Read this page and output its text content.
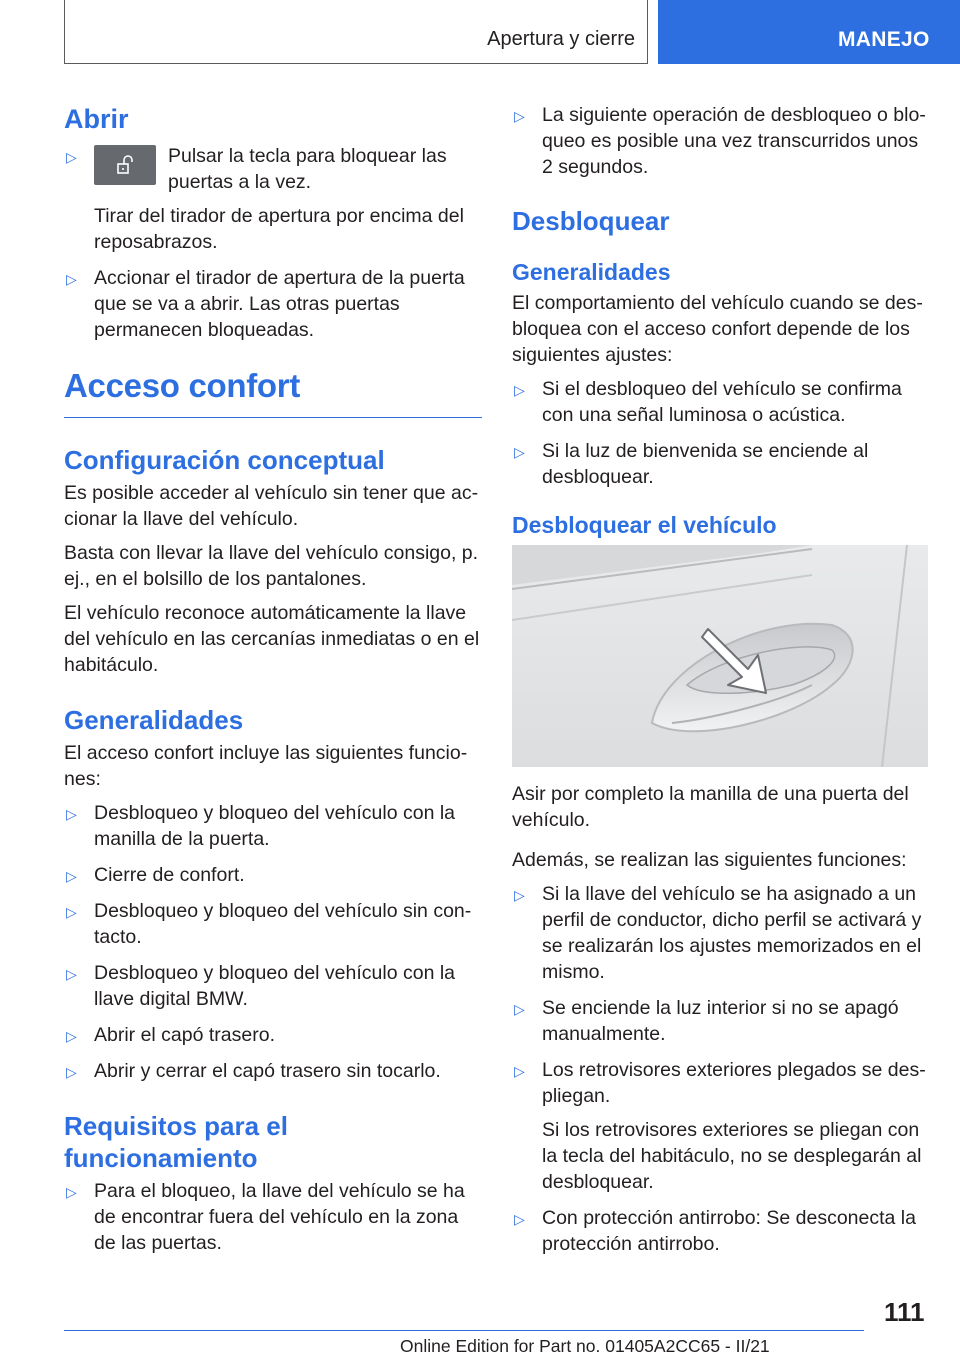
Apertura y cierre	MANEJO
Abrir
▷	Pulsar la tecla para bloquear las puertas a la vez.

Tirar del tirador de apertura por encima del reposabrazos.

▷ Accionar el tirador de apertura de la puerta que se va a abrir. Las otras puertas permanecen bloqueadas.
Acceso confort
Configuración conceptual

Es posible acceder al vehículo sin tener que accionar la llave del vehículo.

Basta con llevar la llave del vehículo consigo, p. ej., en el bolsillo de los pantalones.

El vehículo reconoce automáticamente la llave del vehículo en las cercanías inmediatas o en el habitáculo.

Generalidades

El acceso confort incluye las siguientes funciones:

▷ Desbloqueo y bloqueo del vehículo con la manilla de la puerta.
▷ Cierre de confort.
▷ Desbloqueo y bloqueo del vehículo sin contacto.
▷ Desbloqueo y bloqueo del vehículo con la llave digital BMW.
▷ Abrir el capó trasero.
▷ Abrir y cerrar el capó trasero sin tocarlo.
Requisitos para el funcionamiento
▷ Para el bloqueo, la llave del vehículo se ha de encontrar fuera del vehículo en la zona de las puertas.
▷ La siguiente operación de desbloqueo o bloqueo es posible una vez transcurridos unos 2 segundos.
Desbloquear
Generalidades

El comportamiento del vehículo cuando se desbloquea con el acceso confort depende de los siguientes ajustes:

▷ Si el desbloqueo del vehículo se confirma con una señal luminosa o acústica.
▷ Si la luz de bienvenida se enciende al desbloquear.
Desbloquear el vehículo

Asir por completo la manilla de una puerta del vehículo.

Además, se realizan las siguientes funciones:

▷ Si la llave del vehículo se ha asignado a un perfil de conductor, dicho perfil se activará y se realizarán los ajustes memorizados en el mismo.
▷ Se enciende la luz interior si no se apagó manualmente.
▷ Los retrovisores exteriores plegados se despliegan.

Si los retrovisores exteriores se pliegan con la tecla del habitáculo, no se desplegarán al desbloquear.

▷ Con protección antirrobo: Se desconecta la protección antirrobo.
111
Online Edition for Part no. 01405A2CC65 - II/21
